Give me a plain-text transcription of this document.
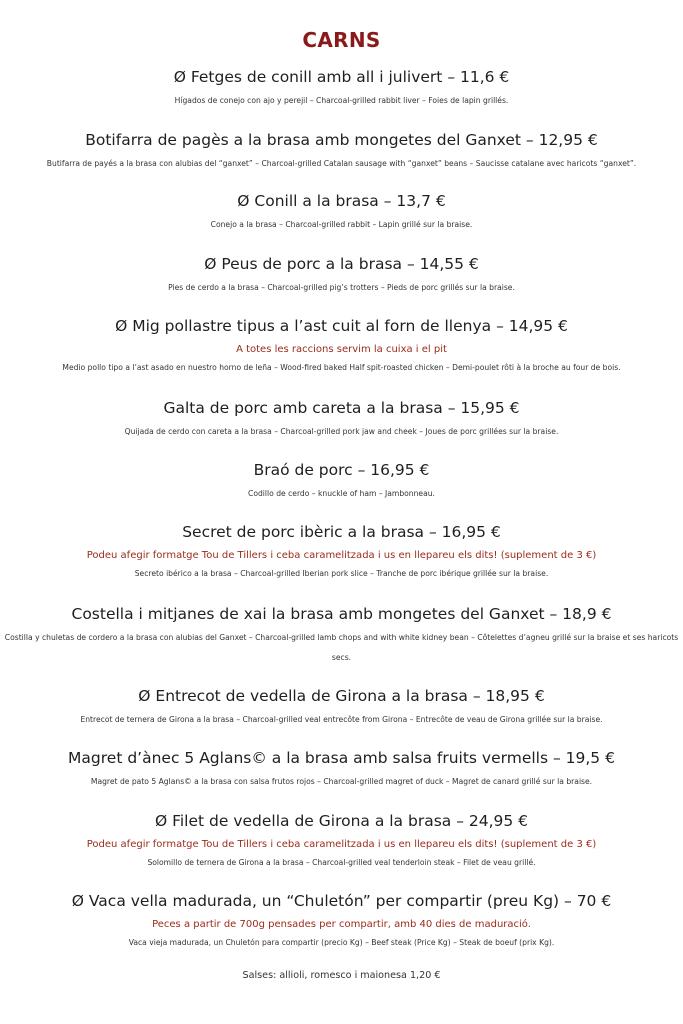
CARNS
Ø Fetges de conill amb all i julivert – 11,6 €
Hígados de conejo con ajo y perejil – Charcoal-grilled rabbit liver – Foies de lapin grillés.
Botifarra de pagès a la brasa amb mongetes del Ganxet – 12,95 €
Butifarra de payés a la brasa con alubias del “ganxet” – Charcoal-grilled Catalan sausage with “ganxet” beans – Saucisse catalane avec haricots “ganxet”.
Ø Conill a la brasa – 13,7 €
Conejo a la brasa – Charcoal-grilled rabbit – Lapin grillé sur la braise.
Ø Peus de porc a la brasa – 14,55 €
Pies de cerdo a la brasa – Charcoal-grilled pig’s trotters – Pieds de porc grillés sur la braise.
Ø Mig pollastre tipus a l’ast cuit al forn de llenya – 14,95 €
A totes les raccions servim la cuixa i el pit
Medio pollo tipo a l’ast asado en nuestro horno de leña – Wood-fired baked Half spit-roasted chicken – Demi-poulet rôti à la broche au four de bois.
Galta de porc amb careta a la brasa – 15,95 €
Quijada de cerdo con careta a la brasa – Charcoal-grilled pork jaw and cheek – Joues de porc grillées sur la braise.
Braó de porc – 16,95 €
Codillo de cerdo – knuckle of ham – Jambonneau.
Secret de porc ibèric a la brasa – 16,95 €
Podeu afegir formatge Tou de Tillers i ceba caramelitzada i us en llepareu els dits! (suplement de 3 €)
Secreto ibérico a la brasa – Charcoal-grilled Iberian pork slice – Tranche de porc ibérique grillée sur la braise.
Costella i mitjanes de xai la brasa amb mongetes del Ganxet – 18,9 €
Costilla y chuletas de cordero a la brasa con alubias del Ganxet – Charcoal-grilled lamb chops and with white kidney bean – Côtelettes d’agneu grillé sur la braise et ses haricots secs.
Ø Entrecot de vedella de Girona a la brasa – 18,95 €
Entrecot de ternera de Girona a la brasa – Charcoal-grilled veal entrecôte from Girona – Entrecôte de veau de Girona grillée sur la braise.
Magret d’ànec 5 Aglans© a la brasa amb salsa fruits vermells – 19,5 €
Magret de pato 5 Aglans© a la brasa con salsa frutos rojos – Charcoal-grilled magret of duck – Magret de canard grillé sur la braise.
Ø Filet de vedella de Girona a la brasa – 24,95 €
Podeu afegir formatge Tou de Tillers i ceba caramelitzada i us en llepareu els dits! (suplement de 3 €)
Solomillo de ternera de Girona a la brasa – Charcoal-grilled veal tenderloin steak – Filet de veau grillé.
Ø Vaca vella madurada, un “Chuletón” per compartir (preu Kg) – 70 €
Peces a partir de 700g pensades per compartir, amb 40 dies de maduració.
Vaca vieja madurada, un Chuletón para compartir (precio Kg) – Beef steak (Price Kg) – Steak de boeuf (prix Kg).
Salses: allioli, romesco i maionesa 1,20 €
